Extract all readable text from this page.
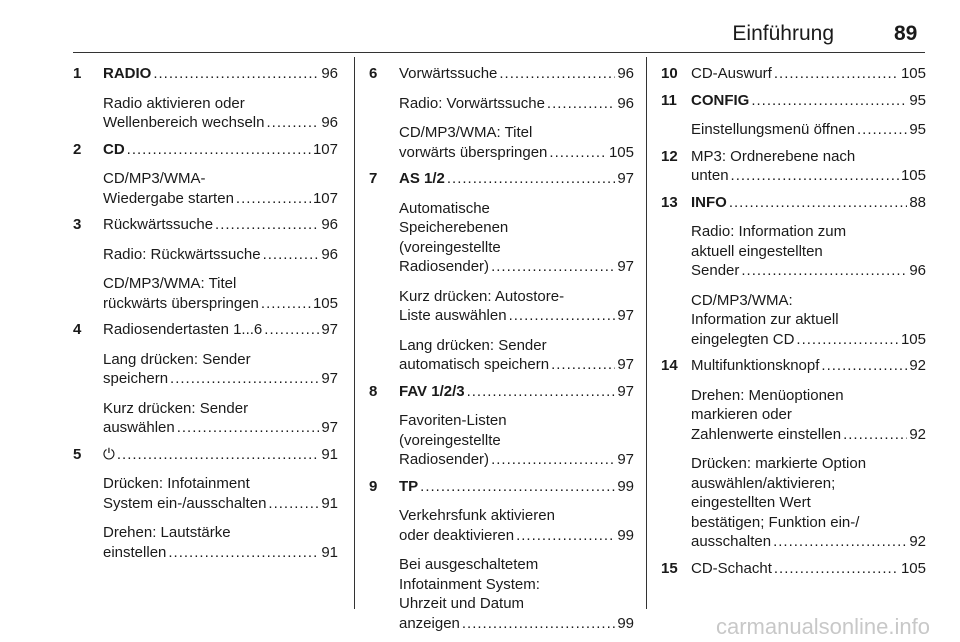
Einführung	89
1	RADIO .....	96
Radio aktivieren oder
Wellenbereich wechseln .....	96
2	CD .....	107
CD/MP3/WMA-
Wiedergabe starten .....	107
3	Rückwärtssuche .....	96
Radio: Rückwärtssuche .....	96
CD/MP3/WMA: Titel
rückwärts überspringen .....	105
4	Radiosendertasten 1...6 .....	97
Lang drücken: Sender
speichern .....	97
Kurz drücken: Sender
auswählen .....	97
5	⏻ .....	91
Drücken: Infotainment
System ein-/ausschalten .....	91
Drehen: Lautstärke
einstellen .....	91
6	Vorwärtssuche .....	96
Radio: Vorwärtssuche .....	96
CD/MP3/WMA: Titel
vorwärts überspringen .....	105
7	AS 1/2 .....	97
Automatische
Speicherebenen
(voreingestellte
Radiosender) .....	97
Kurz drücken: Autostore-
Liste auswählen .....	97
Lang drücken: Sender
automatisch speichern .....	97
8	FAV 1/2/3 .....	97
Favoriten-Listen
(voreingestellte
Radiosender) .....	97
9	TP .....	99
Verkehrsfunk aktivieren
oder deaktivieren .....	99
Bei ausgeschaltetem
Infotainment System:
Uhrzeit und Datum
anzeigen .....	99
10 CD-Auswurf .....	105
11 CONFIG .....	95
Einstellungsmenü öffnen .....	95
12 MP3: Ordnerebene nach
unten .....	105
13 INFO .....	88
Radio: Information zum
aktuell eingestellten
Sender .....	96
CD/MP3/WMA:
Information zur aktuell
eingelegten CD .....	105
14 Multifunktionsknopf .....	92
Drehen: Menüoptionen
markieren oder
Zahlenwerte einstellen .....	92
Drücken: markierte Option
auswählen/aktivieren;
eingestellten Wert
bestätigen; Funktion ein-/
ausschalten .....	92
15 CD-Schacht .....	105
carmanualsonline.info
